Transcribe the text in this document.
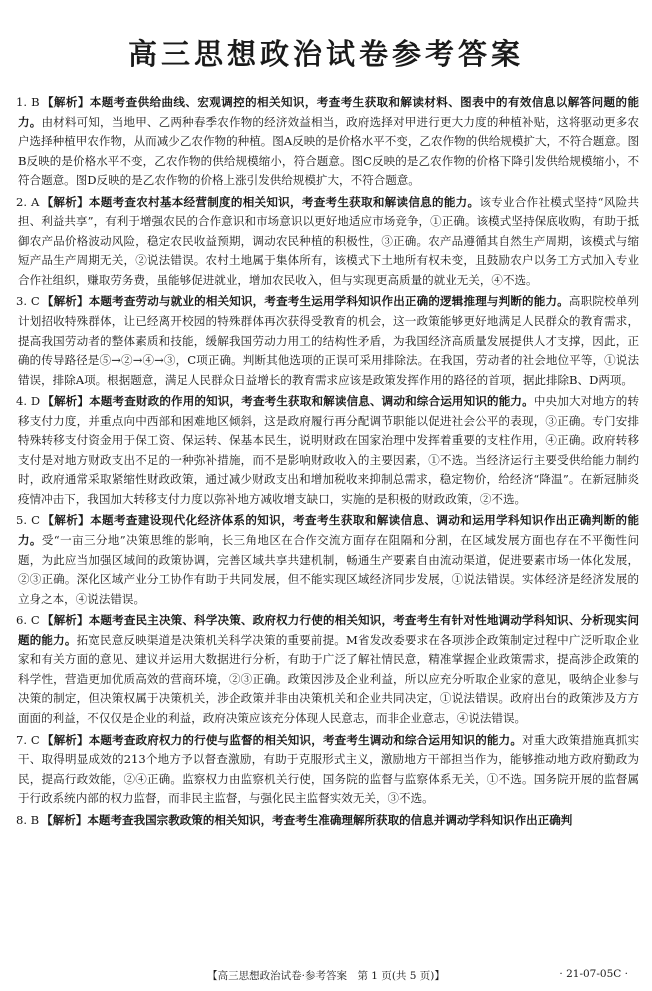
高三思想政治试卷参考答案

1. B 【解析】本题考查供给曲线、宏观调控的相关知识，考查考生获取和解读材料、图表中的有效信息以解答问题的能力。由材料可知，当地甲、乙两种春季农作物的经济效益相当，政府选择对甲进行更大力度的种植补贴，这将驱动更多农户选择种植甲农作物，从而减少乙农作物的种植。图A反映的是价格水平不变，乙农作物的供给规模扩大，不符合题意。图B反映的是价格水平不变，乙农作物的供给规模缩小，符合题意。图C反映的是乙农作物的价格下降引发供给规模缩小，不符合题意。图D反映的是乙农作物的价格上涨引发供给规模扩大，不符合题意。

2. A 【解析】本题考查农村基本经营制度的相关知识，考查考生获取和解读信息的能力。该专业合作社模式坚持“风险共担、利益共享”，有利于增强农民的合作意识和市场意识以更好地适应市场竞争，①正确。该模式坚持保底收购，有助于抵御农产品价格波动风险，稳定农民收益预期，调动农民种植的积极性，③正确。农产品遵循其自然生产周期，该模式与缩短产品生产周期无关，②说法错误。农村土地属于集体所有，该模式下土地所有权未变，且鼓励农户以务工方式加入专业合作社组织，赚取劳务费，虽能够促进就业，增加农民收入，但与实现更高质量的就业无关，④不选。

3. C 【解析】本题考查劳动与就业的相关知识，考查考生运用学科知识作出正确的逻辑推理与判断的能力。高职院校单列计划招收特殊群体，让已经离开校园的特殊群体再次获得受教育的机会，这一政策能够更好地满足人民群众的教育需求，提高我国劳动者的整体素质和技能，缓解我国劳动力用工的结构性矛盾，为我国经济高质量发展提供人才支撑，因此，正确的传导路径是⑤→②→④→③，C项正确。判断其他选项的正误可采用排除法。在我国，劳动者的社会地位平等，①说法错误，排除A项。根据题意，满足人民群众日益增长的教育需求应该是政策发挥作用的路径的首项，据此排除B、D两项。

4. D 【解析】本题考查财政的作用的知识，考查考生获取和解读信息、调动和综合运用知识的能力。中央加大对地方的转移支付力度，并重点向中西部和困难地区倾斜，这是政府履行再分配调节职能以促进社会公平的表现，③正确。专门安排特殊转移支付资金用于保工资、保运转、保基本民生，说明财政在国家治理中发挥着重要的支柱作用，④正确。政府转移支付是对地方财政支出不足的一种弥补措施，而不是影响财政收入的主要因素，①不选。当经济运行主要受供给能力制约时，政府通常采取紧缩性财政政策，通过减少财政支出和增加税收来抑制总需求，稳定物价，给经济“降温”。在新冠肺炎疫情冲击下，我国加大转移支付力度以弥补地方减收增支缺口，实施的是积极的财政政策，②不选。

5. C 【解析】本题考查建设现代化经济体系的知识，考查考生获取和解读信息、调动和运用学科知识作出正确判断的能力。受“一亩三分地”决策思维的影响，长三角地区在合作交流方面存在阻隔和分割，在区域发展方面也存在不平衡性问题，为此应当加强区域间的政策协调，完善区域共享共建机制，畅通生产要素自由流动渠道，促进要素市场一体化发展，②③正确。深化区域产业分工协作有助于共同发展，但不能实现区域经济同步发展，①说法错误。实体经济是经济发展的立身之本，④说法错误。

6. C 【解析】本题考查民主决策、科学决策、政府权力行使的相关知识，考查考生有针对性地调动学科知识、分析现实问题的能力。拓宽民意反映渠道是决策机关科学决策的重要前提。M省发改委要求在各项涉企政策制定过程中广泛听取企业家和有关方面的意见、建议并运用大数据进行分析，有助于广泛了解社情民意，精准掌握企业政策需求，提高涉企政策的科学性，营造更加优质高效的营商环境，②③正确。政策因涉及企业利益，所以应充分听取企业家的意见，吸纳企业参与决策的制定，但决策权属于决策机关，涉企政策并非由决策机关和企业共同决定，①说法错误。政府出台的政策涉及方方面面的利益，不仅仅是企业的利益，政府决策应该充分体现人民意志，而非企业意志，④说法错误。

7. C 【解析】本题考查政府权力的行使与监督的相关知识，考查考生调动和综合运用知识的能力。对重大政策措施真抓实干、取得明显成效的213个地方予以督查激励，有助于克服形式主义，激励地方干部担当作为，能够推动地方政府勤政为民，提高行政效能，②④正确。监察权力由监察机关行使，国务院的监督与监察体系无关，①不选。国务院开展的监督属于行政系统内部的权力监督，而非民主监督，与强化民主监督实效无关，③不选。

8. B 【解析】本题考查我国宗教政策的相关知识，考查考生准确理解所获取的信息并调动学科知识作出正确判

【高三思想政治试卷·参考答案　第 1 页(共 5 页)】	· 21-07-05C ·
